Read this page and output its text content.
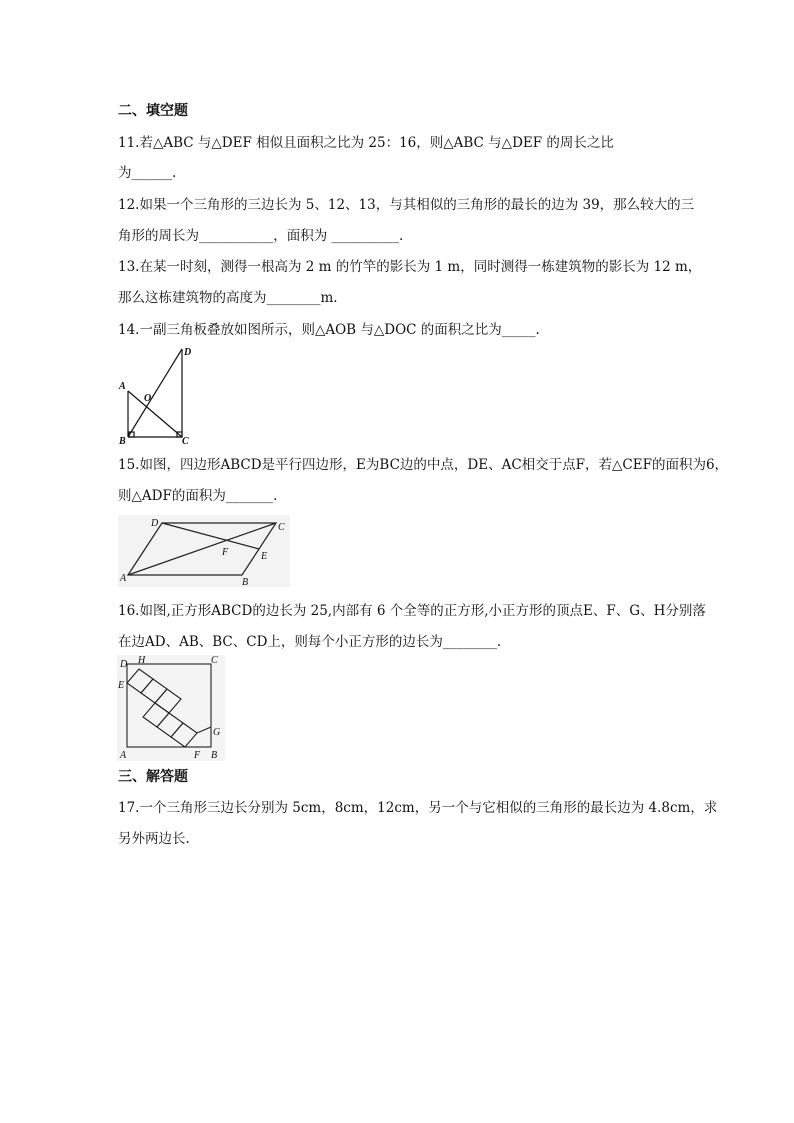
二、填空题
11.若△ABC 与△DEF 相似且面积之比为 25：16，则△ABC 与△DEF 的周长之比
为______.
12.如果一个三角形的三边长为 5、12、13，与其相似的三角形的最长的边为 39，那么较大的三
角形的周长为___________，面积为 __________.
13.在某一时刻，测得一根高为 2 m 的竹竿的影长为 1 m，同时测得一栋建筑物的影长为 12 m，
那么这栋建筑物的高度为________m.
14.一副三角板叠放如图所示，则△AOB 与△DOC 的面积之比为_____.
D
A
O
B	C
15.如图，四边形ABCD是平行四边形，E为BC边的中点，DE、AC相交于点F，若△CEF的面积为6，
则△ADF的面积为_______.
D	C
F	E
A	B
16.如图,正方形ABCD的边长为 25,内部有 6 个全等的正方形,小正方形的顶点E、F、G、H分别落
在边AD、AB、BC、CD上，则每个小正方形的边长为________.
D H	C
E
G
A	F B
三、解答题
17.一个三角形三边长分别为 5cm，8cm，12cm，另一个与它相似的三角形的最长边为 4.8cm，求
另外两边长.
